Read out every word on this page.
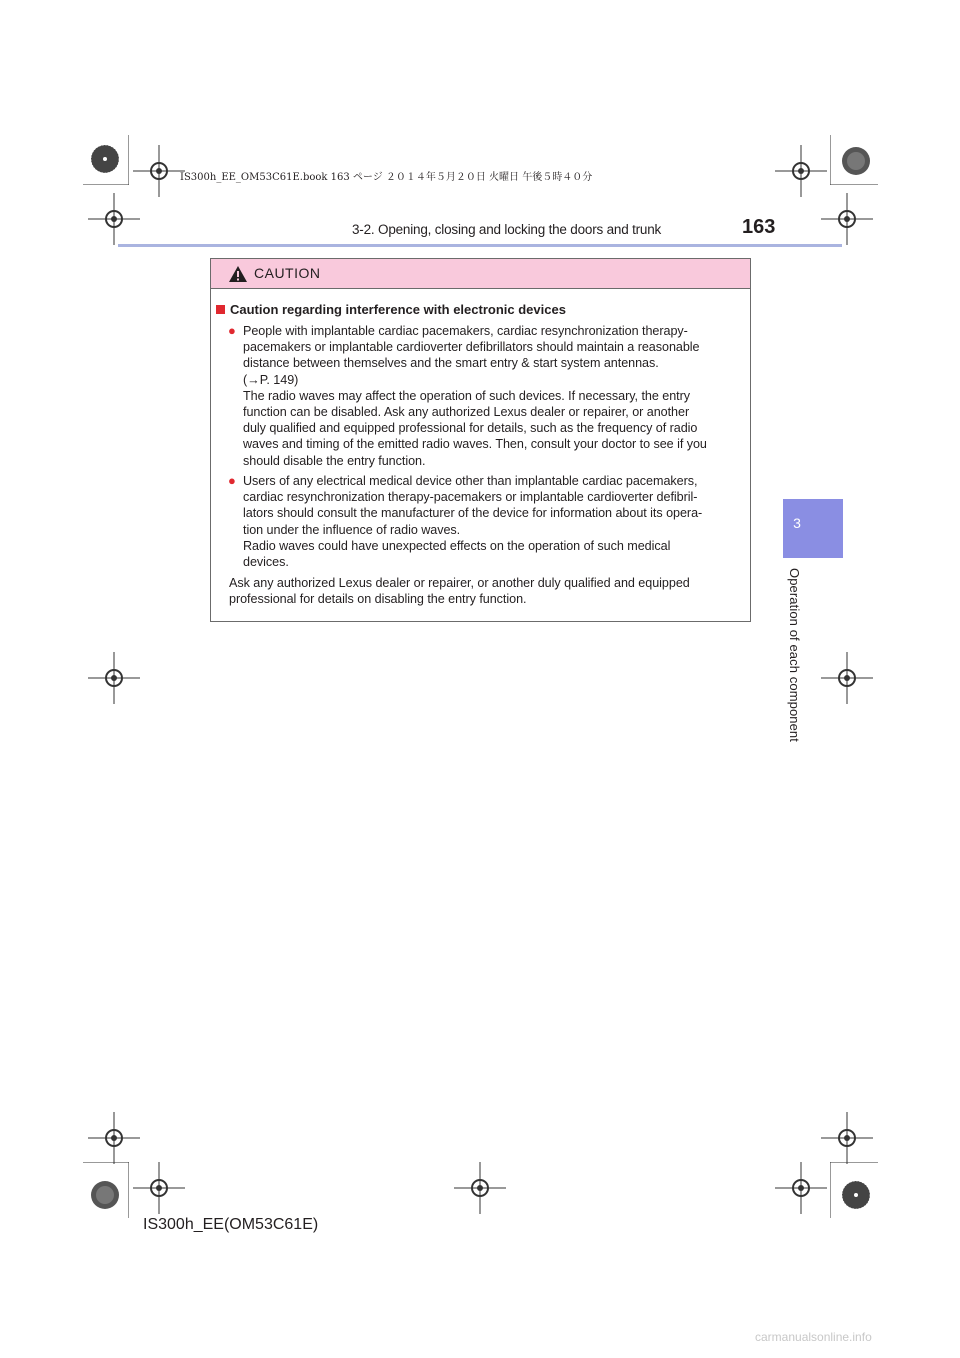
IS300h_EE_OM53C61E.book 163 ページ ２０１４年５月２０日 火曜日 午後５時４０分
3-2. Opening, closing and locking the doors and trunk	163
3
Operation of each component
CAUTION
Caution regarding interference with electronic devices
● People with implantable cardiac pacemakers, cardiac resynchronization therapy-
pacemakers or implantable cardioverter defibrillators should maintain a reasonable
distance between themselves and the smart entry & start system antennas.
(→P. 149)
The radio waves may affect the operation of such devices. If necessary, the entry
function can be disabled. Ask any authorized Lexus dealer or repairer, or another
duly qualified and equipped professional for details, such as the frequency of radio
waves and timing of the emitted radio waves. Then, consult your doctor to see if you
should disable the entry function.
● Users of any electrical medical device other than implantable cardiac pacemakers,
cardiac resynchronization therapy-pacemakers or implantable cardioverter defibril-
lators should consult the manufacturer of the device for information about its opera-
tion under the influence of radio waves.
Radio waves could have unexpected effects on the operation of such medical
devices.
Ask any authorized Lexus dealer or repairer, or another duly qualified and equipped
professional for details on disabling the entry function.
IS300h_EE(OM53C61E)
carmanualsonline.info
